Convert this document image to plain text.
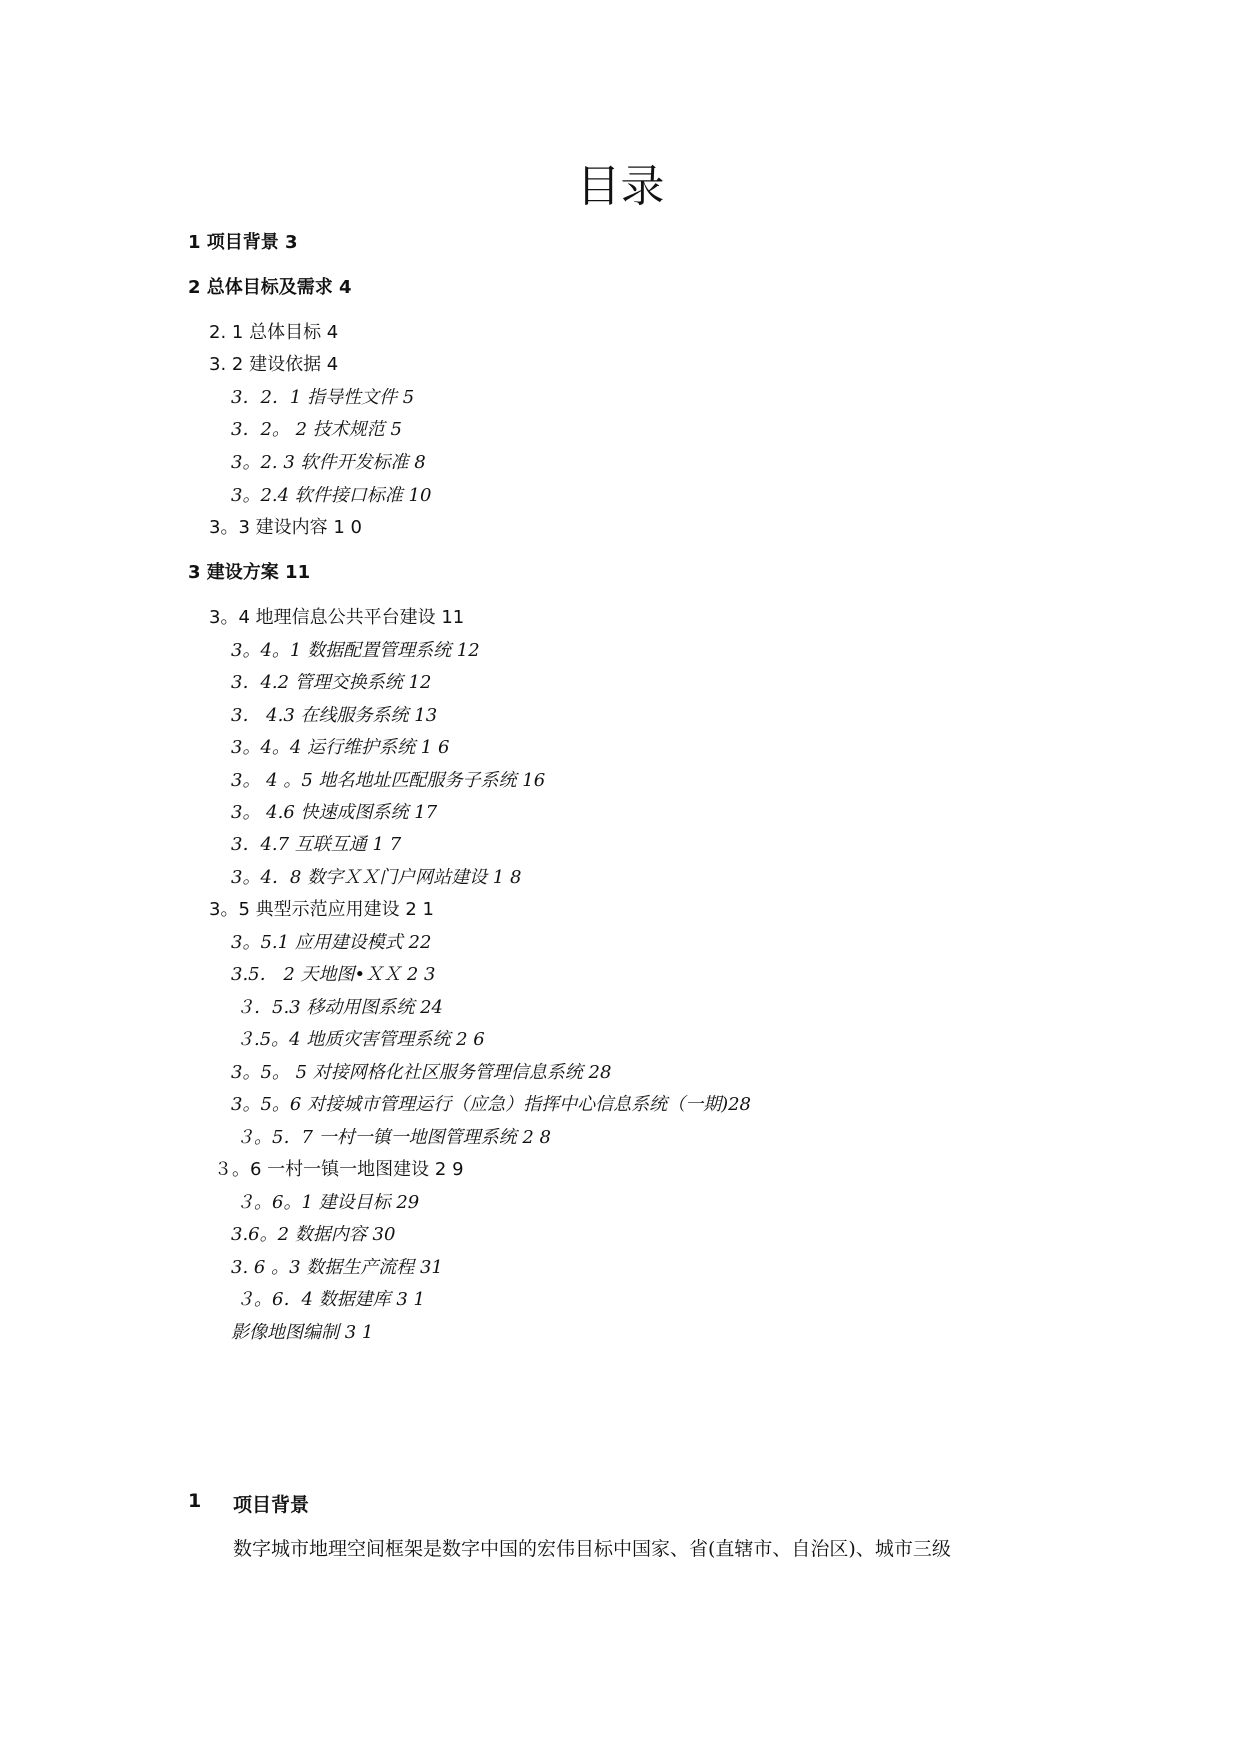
目录
1 项目背景 3
2 总体目标及需求 4
2. 1 总体目标 4
3. 2 建设依据 4
3．2．1 指导性文件 5
3．2。 2 技术规范 5
3。2. 3 软件开发标准 8
3。2.4 软件接口标准 10
3。3 建设内容 1 0
3 建设方案 11
3。4 地理信息公共平台建设 11
3。4。1 数据配置管理系统 12
3．4.2 管理交换系统 12
3． 4.3 在线服务系统 13
3。4。4 运行维护系统 1 6
3。 4 。5 地名地址匹配服务子系统 16
3。 4.6 快速成图系统 17
3．4.7 互联互通 1 7
3。4．8 数字ＸＸ门户网站建设 1 8
3。5 典型示范应用建设 2 1
3。5.1 应用建设模式 22
3.5． 2 天地图•ＸＸ 2 3
３．5.3 移动用图系统 24
３.5。4 地质灾害管理系统 2 6
3。5。 5 对接网格化社区服务管理信息系统 28
3。5。6 对接城市管理运行（应急）指挥中心信息系统（一期)28
３。5．7 一村一镇一地图管理系统 2 8
３。6 一村一镇一地图建设 2 9
３。6。1 建设目标 29
3.6。2 数据内容 30
3. 6 。3 数据生产流程 31
３。6．4 数据建库 3 1
影像地图编制 3 1
1 项目背景
数字城市地理空间框架是数字中国的宏伟目标中国家、省(直辖市、自治区)、城市三级
